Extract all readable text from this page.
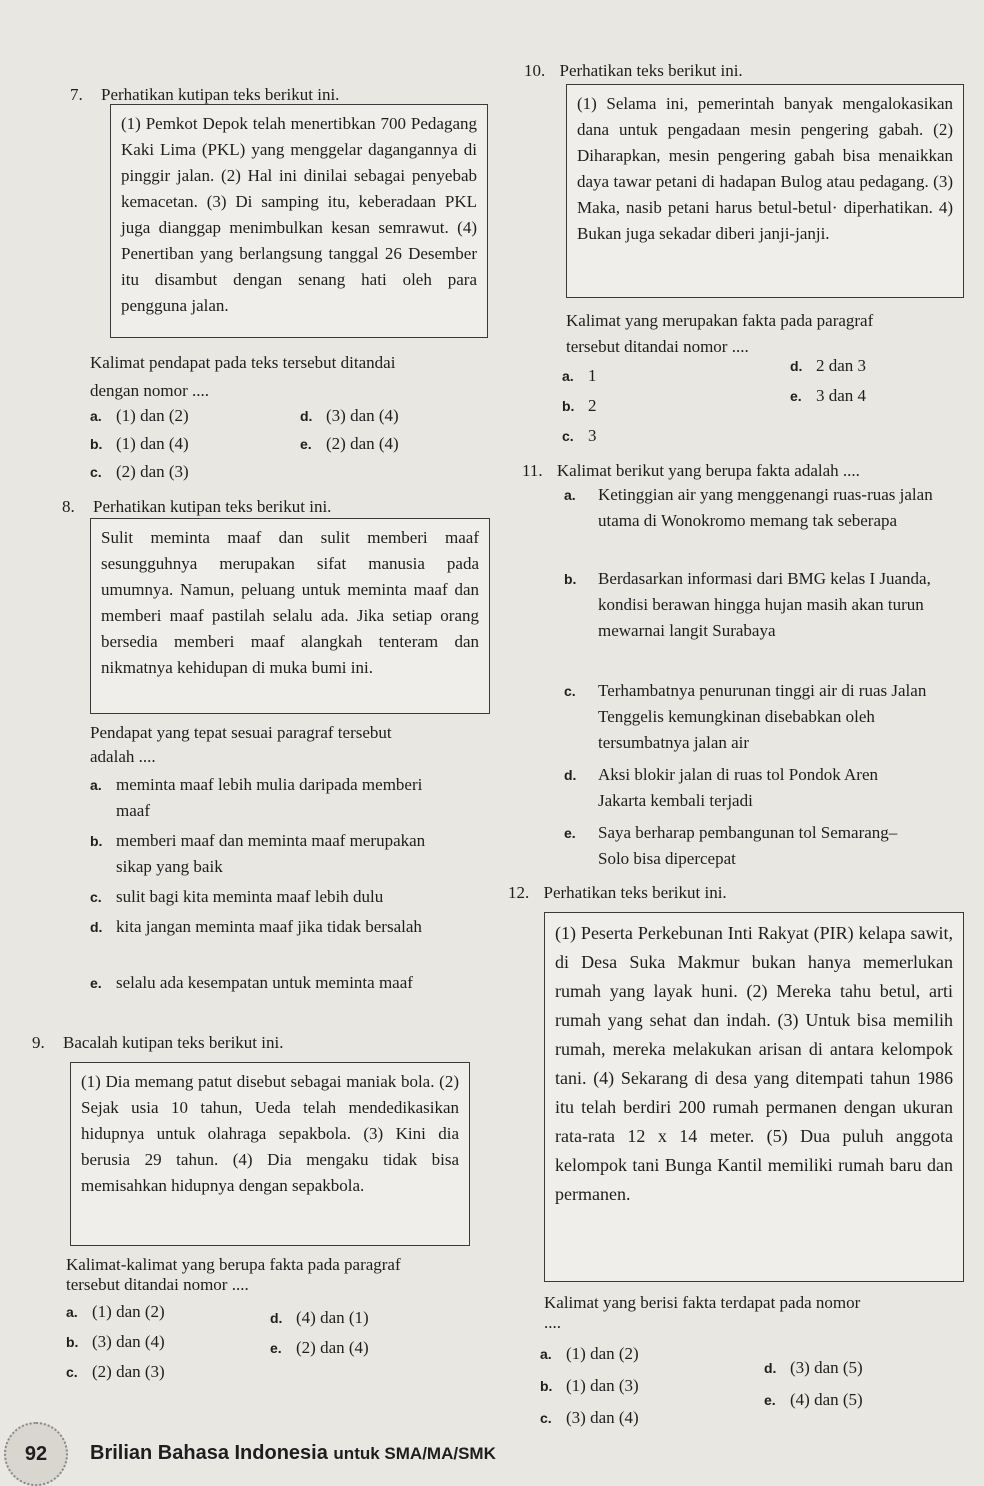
7. Perhatikan kutipan teks berikut ini.

(1) Pemkot Depok telah menertibkan 700 Pedagang Kaki Lima (PKL) yang menggelar dagangannya di pinggir jalan. (2) Hal ini dinilai sebagai penyebab kemacetan. (3) Di samping itu, keberadaan PKL juga dianggap menimbulkan kesan semrawut. (4) Penertiban yang berlangsung tanggal 26 Desember itu disambut dengan senang hati oleh para pengguna jalan.

Kalimat pendapat pada teks tersebut ditandai
dengan nomor ....
a. (1) dan (2)
b. (1) dan (4)
c. (2) dan (3)
d. (3) dan (4)
e. (2) dan (4)
8. Perhatikan kutipan teks berikut ini.

Sulit meminta maaf dan sulit memberi maaf sesungguhnya merupakan sifat manusia pada umumnya. Namun, peluang untuk meminta maaf dan memberi maaf pastilah selalu ada. Jika setiap orang bersedia memberi maaf alangkah tenteram dan nikmatnya kehidupan di muka bumi ini.

Pendapat yang tepat sesuai paragraf tersebut
adalah ....
a. meminta maaf lebih mulia daripada memberi maaf
b. memberi maaf dan meminta maaf merupakan sikap yang baik
c. sulit bagi kita meminta maaf lebih dulu
d. kita jangan meminta maaf jika tidak bersalah
e. selalu ada kesempatan untuk meminta maaf
9. Bacalah kutipan teks berikut ini.

(1) Dia memang patut disebut sebagai maniak bola. (2) Sejak usia 10 tahun, Ueda telah mendedikasikan hidupnya untuk olahraga sepakbola. (3) Kini dia berusia 29 tahun. (4) Dia mengaku tidak bisa memisahkan hidupnya dengan sepakbola.

Kalimat-kalimat yang berupa fakta pada paragraf
tersebut ditandai nomor ....
a. (1) dan (2)
b. (3) dan (4)
c. (2) dan (3)
d. (4) dan (1)
e. (2) dan (4)
10. Perhatikan teks berikut ini.

(1) Selama ini, pemerintah banyak mengalokasikan dana untuk pengadaan mesin pengering gabah. (2) Diharapkan, mesin pengering gabah bisa menaikkan daya tawar petani di hadapan Bulog atau pedagang. (3) Maka, nasib petani harus betul-betul· diperhatikan. 4) Bukan juga sekadar diberi janji-janji.

Kalimat yang merupakan fakta pada paragraf
tersebut ditandai nomor ....
a. 1
b. 2
c. 3
d. 2 dan 3
e. 3 dan 4
11. Kalimat berikut yang berupa fakta adalah ....
a. Ketinggian air yang menggenangi ruas-ruas jalan utama di Wonokromo memang tak seberapa
b. Berdasarkan informasi dari BMG kelas I Juanda, kondisi berawan hingga hujan masih akan turun mewarnai langit Surabaya
c. Terhambatnya penurunan tinggi air di ruas Jalan Tenggelis kemungkinan disebabkan oleh tersumbatnya jalan air
d. Aksi blokir jalan di ruas tol Pondok Aren Jakarta kembali terjadi
e. Saya berharap pembangunan tol Semarang–Solo bisa dipercepat
12. Perhatikan teks berikut ini.

(1) Peserta Perkebunan Inti Rakyat (PIR) kelapa sawit, di Desa Suka Makmur bukan hanya memerlukan rumah yang layak huni. (2) Mereka tahu betul, arti rumah yang sehat dan indah. (3) Untuk bisa memilih rumah, mereka melakukan arisan di antara kelompok tani. (4) Sekarang di desa yang ditempati tahun 1986 itu telah berdiri 200 rumah permanen dengan ukuran rata-rata 12 x 14 meter. (5) Dua puluh anggota kelompok tani Bunga Kantil memiliki rumah baru dan permanen.

Kalimat yang berisi fakta terdapat pada nomor
....
a. (1) dan (2)
b. (1) dan (3)
c. (3) dan (4)
d. (3) dan (5)
e. (4) dan (5)
92 Brilian Bahasa Indonesia untuk SMA/MA/SMK
